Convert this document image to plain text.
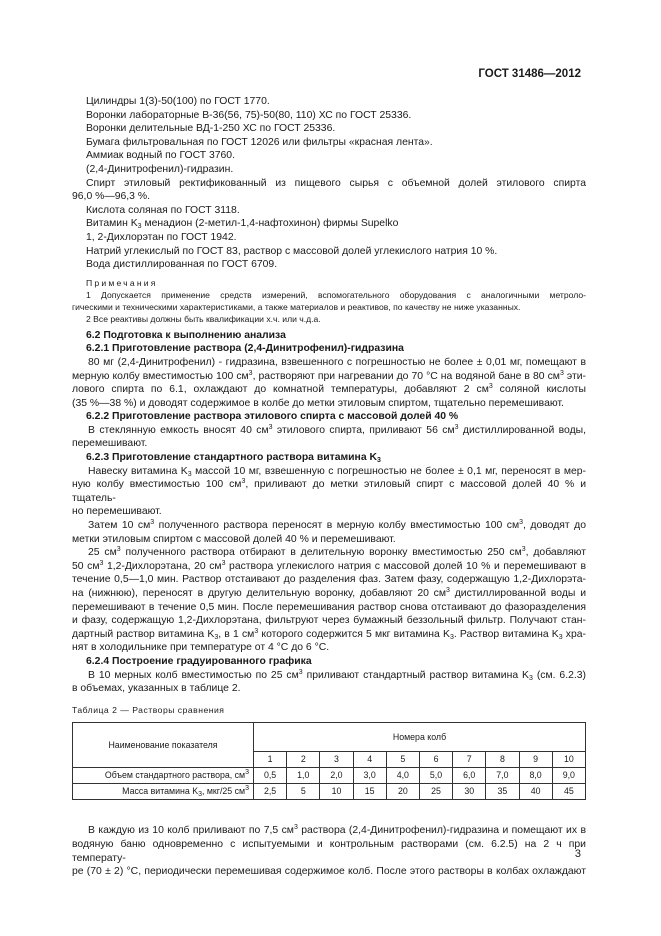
ГОСТ 31486—2012
Цилиндры 1(3)-50(100) по ГОСТ 1770.
Воронки лабораторные В-36(56, 75)-50(80, 110) ХС по ГОСТ 25336.
Воронки делительные ВД-1-250 ХС по ГОСТ 25336.
Бумага фильтровальная по ГОСТ 12026 или фильтры «красная лента».
Аммиак водный по ГОСТ 3760.
(2,4-Динитрофенил)-гидразин.
Спирт этиловый ректификованный из пищевого сырья с объемной долей этилового спирта
96,0 %—96,3 %.
Кислота соляная по ГОСТ 3118.
Витамин $K_3$ менадион (2-метил-1,4-нафтохинон) фирмы Supelko
1, 2-Дихлорэтан по ГОСТ 1942.
Натрий углекислый по ГОСТ 83, раствор с массовой долей углекислого натрия 10 %.
Вода дистиллированная по ГОСТ 6709.
Примечания
1 Допускается применение средств измерений, вспомогательного оборудования с аналогичными метроло-
гическими и техническими характеристиками, а также материалов и реактивов, по качеству не ниже указанных.
2 Все реактивы должны быть квалификации х.ч. или ч.д.а.
6.2 Подготовка к выполнению анализа
6.2.1 Приготовление раствора (2,4-Динитрофенил)-гидразина
80 мг (2,4-Динитрофенил) - гидразина, взвешенного с погрешностью не более ± 0,01 мг, помещают в
мерную колбу вместимостью 100 $см^3$, растворяют при нагревании до 70 °С на водяной бане в 80 $см^3$ эти-
лового спирта по 6.1, охлаждают до комнатной температуры, добавляют 2 $см^3$ соляной кислоты
(35 %—38 %) и доводят содержимое в колбе до метки этиловым спиртом, тщательно перемешивают.
6.2.2 Приготовление раствора этилового спирта с массовой долей 40 %
В стеклянную емкость вносят 40 $см^3$ этилового спирта, приливают 56 $см^3$ дистиллированной воды,
перемешивают.
6.2.3 Приготовление стандартного раствора витамина $K_3$
Навеску витамина $K_3$ массой 10 мг, взвешенную с погрешностью не более ± 0,1 мг, переносят в мер-
ную колбу вместимостью 100 $см^3$, приливают до метки этиловый спирт с массовой долей 40 % и тщатель-
но перемешивают.
Затем 10 $см^3$ полученного раствора переносят в мерную колбу вместимостью 100 $см^3$, доводят до
метки этиловым спиртом с массовой долей 40 % и перемешивают.
25 $см^3$ полученного раствора отбирают в делительную воронку вместимостью 250 $см^3$, добавляют
50 $см^3$ 1,2-Дихлорэтана, 20 $см^3$ раствора углекислого натрия с массовой долей 10 % и перемешивают в
течение 0,5—1,0 мин. Раствор отстаивают до разделения фаз. Затем фазу, содержащую 1,2-Дихлорэта-
на (нижнюю), переносят в другую делительную воронку, добавляют 20 $см^3$ дистиллированной воды и
перемешивают в течение 0,5 мин. После перемешивания раствор снова отстаивают до фазоразделения
и фазу, содержащую 1,2-Дихлорэтана, фильтруют через бумажный беззольный фильтр. Получают стан-
дартный раствор витамина $K_3$, в 1 $см^3$ которого содержится 5 мкг витамина $K_3$. Раствор витамина $K_3$ хра-
нят в холодильнике при температуре от 4 °С до 6 °С.
6.2.4 Построение градуированного графика
В 10 мерных колб вместимостью по 25 $см^3$ приливают стандартный раствор витамина $K_3$ (см. 6.2.3)
в объемах, указанных в таблице 2.
Таблица 2 — Растворы сравнения
Наименование показателя	Номера колб									
	1	2	3	4	5	6	7	8	9	10
Объем стандартного раствора, $см^3$	0,5	1,0	2,0	3,0	4,0	5,0	6,0	7,0	8,0	9,0
Масса витамина $K_3$, мкг/25 $см^3$	2,5	5	10	15	20	25	30	35	40	45
В каждую из 10 колб приливают по 7,5 $см^3$ раствора (2,4-Динитрофенил)-гидразина и помещают их в
водяную баню одновременно с испытуемыми и контрольным растворами (см. 6.2.5) на 2 ч при температу-
ре (70 ± 2) °С, периодически перемешивая содержимое колб. После этого растворы в колбах охлаждают
3
